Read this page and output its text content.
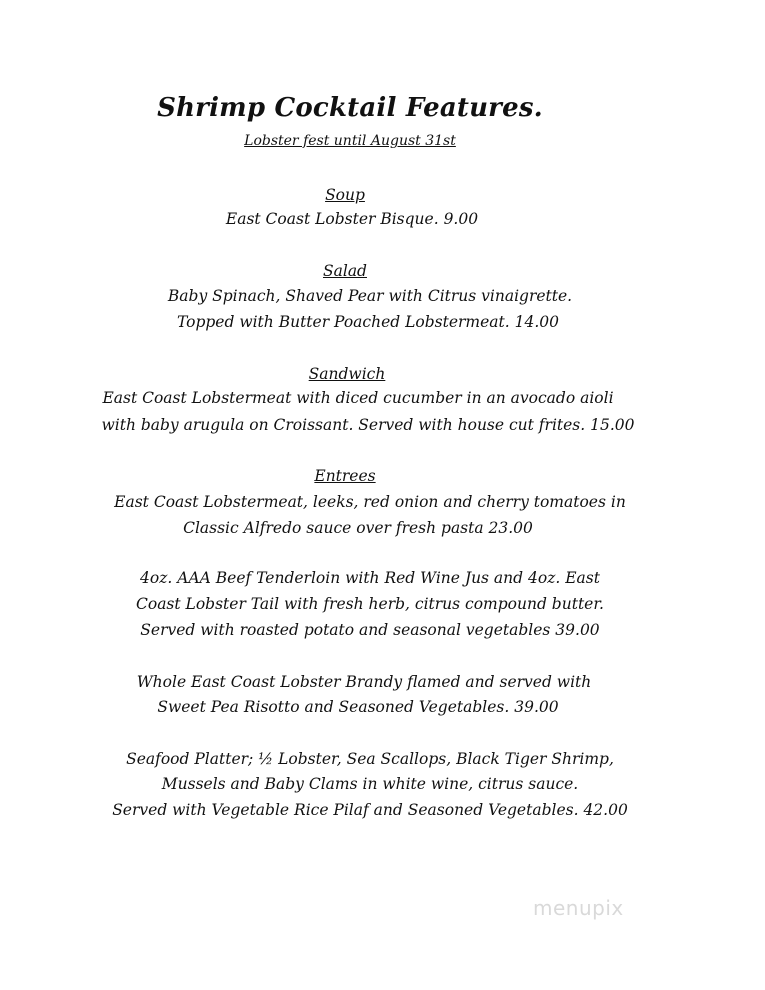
Shrimp Cocktail Features.
Lobster fest until August 31st
Soup
East Coast Lobster Bisque. 9.00
Salad
Baby Spinach, Shaved Pear with Citrus vinaigrette.
Topped with Butter Poached Lobstermeat. 14.00
Sandwich
East Coast Lobstermeat with diced cucumber in an avocado aioli
with baby arugula on Croissant. Served with house cut frites. 15.00
Entrees
East Coast Lobstermeat, leeks, red onion and cherry tomatoes in
Classic Alfredo sauce over fresh pasta 23.00
4oz. AAA Beef Tenderloin with Red Wine Jus and 4oz. East
Coast Lobster Tail with fresh herb, citrus compound butter.
Served with roasted potato and seasonal vegetables 39.00
Whole East Coast Lobster Brandy flamed and served with
Sweet Pea Risotto and Seasoned Vegetables. 39.00
Seafood Platter; ½ Lobster, Sea Scallops, Black Tiger Shrimp,
Mussels and Baby Clams in white wine, citrus sauce.
Served with Vegetable Rice Pilaf and Seasoned Vegetables. 42.00
menupix
